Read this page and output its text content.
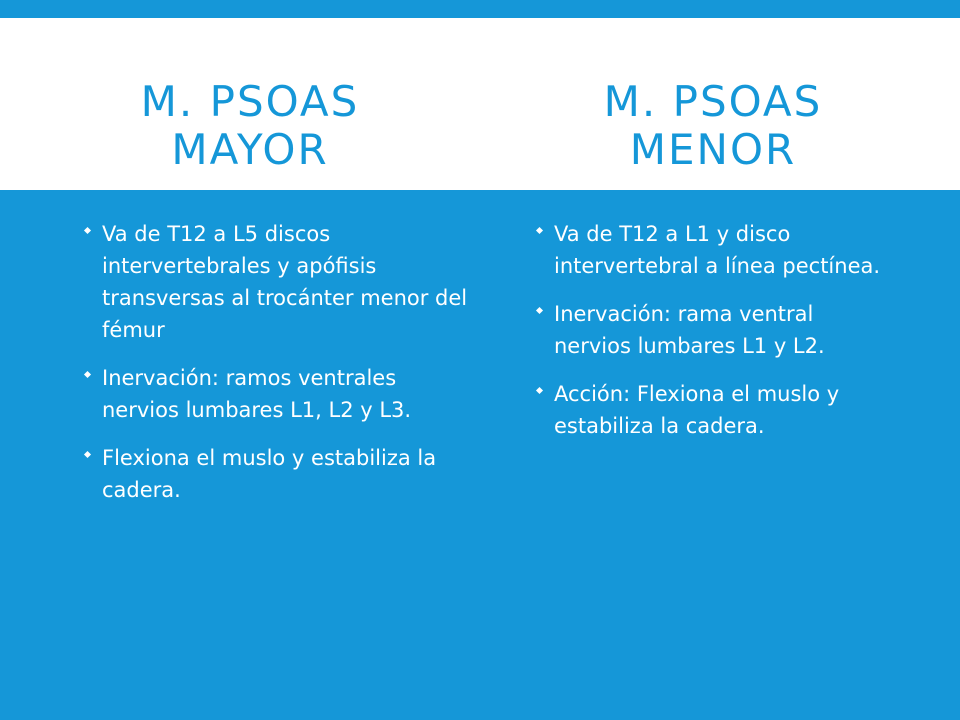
M. PSOAS
MAYOR
M. PSOAS
MENOR
Va de T12 a L5 discos intervertebrales y apófisis transversas al trocánter menor del fémur
Inervación: ramos ventrales nervios lumbares L1, L2 y L3.
Flexiona el muslo y estabiliza la cadera.
Va de T12 a L1 y disco intervertebral a línea pectínea.
Inervación: rama ventral nervios lumbares L1 y L2.
Acción: Flexiona el muslo y estabiliza la cadera.
